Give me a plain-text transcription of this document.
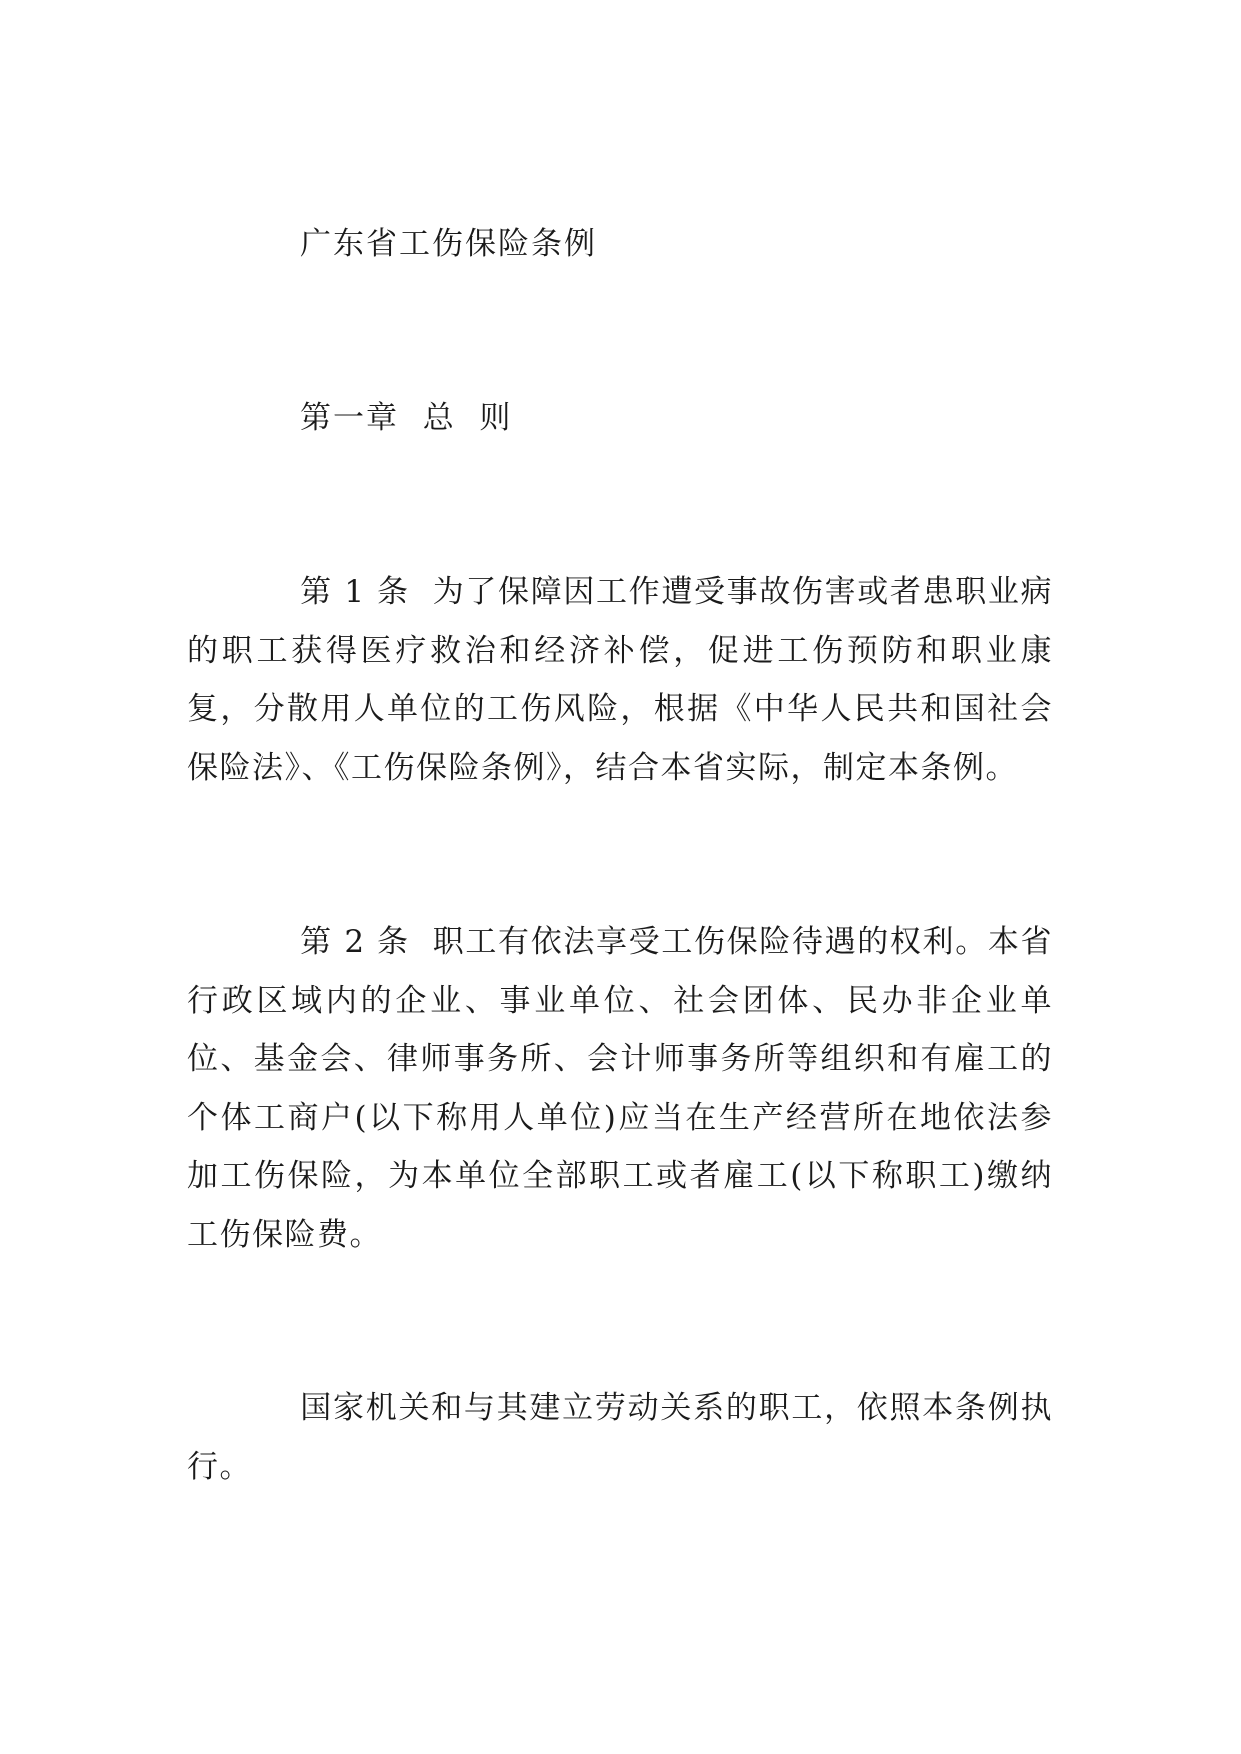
广东省工伤保险条例
第一章  总  则

第 1 条  为了保障因工作遭受事故伤害或者患职业病的职工获得医疗救治和经济补偿，促进工伤预防和职业康复，分散用人单位的工伤风险，根据《中华人民共和国社会保险法》、《工伤保险条例》，结合本省实际，制定本条例。

第 2 条  职工有依法享受工伤保险待遇的权利。本省行政区域内的企业、事业单位、社会团体、民办非企业单位、基金会、律师事务所、会计师事务所等组织和有雇工的个体工商户(以下称用人单位)应当在生产经营所在地依法参加工伤保险，为本单位全部职工或者雇工(以下称职工)缴纳工伤保险费。

国家机关和与其建立劳动关系的职工，依照本条例执行。
